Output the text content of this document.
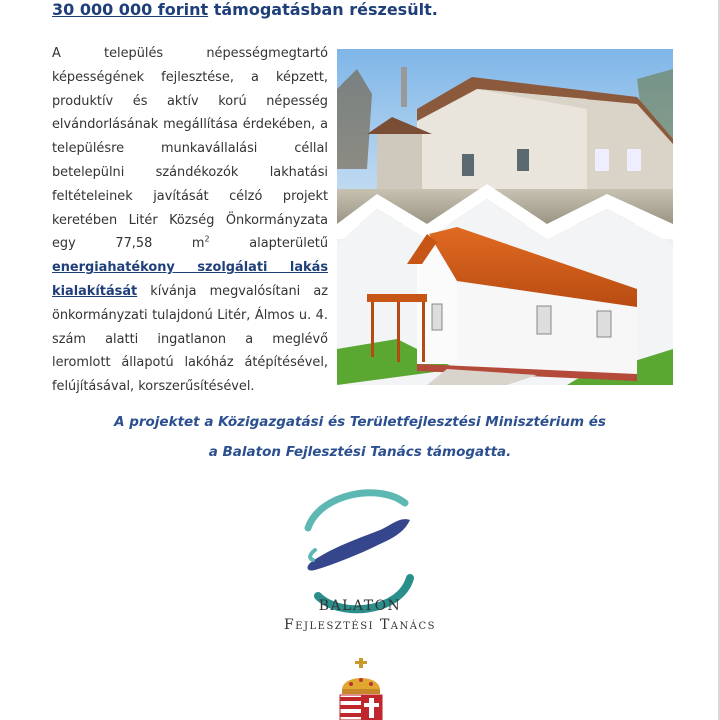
30 000 000 forint támogatásban részesült.
A település népességmegtartó képességének fejlesztése, a képzett, produktív és aktív korú népesség elvándorlásának megállítása érdekében, a településre munkavállalási céllal betelepülni szándékozók lakhatási feltételeinek javítását célzó projekt keretében Litér Község Önkormányzata egy 77,58 $m^2$ alapterületű energiahatékony szolgálati lakás kialakítását kívánja megvalósítani az önkormányzati tulajdonú Litér, Álmos u. 4. szám alatti ingatlanon a meglévő leromlott állapotú lakóház átépítésével, felújításával, korszerűsítésével.
A projektet a Közigazgatási és Területfejlesztési Minisztérium és
a Balaton Fejlesztési Tanács támogatta.
BALATON
Fejlesztési Tanács
